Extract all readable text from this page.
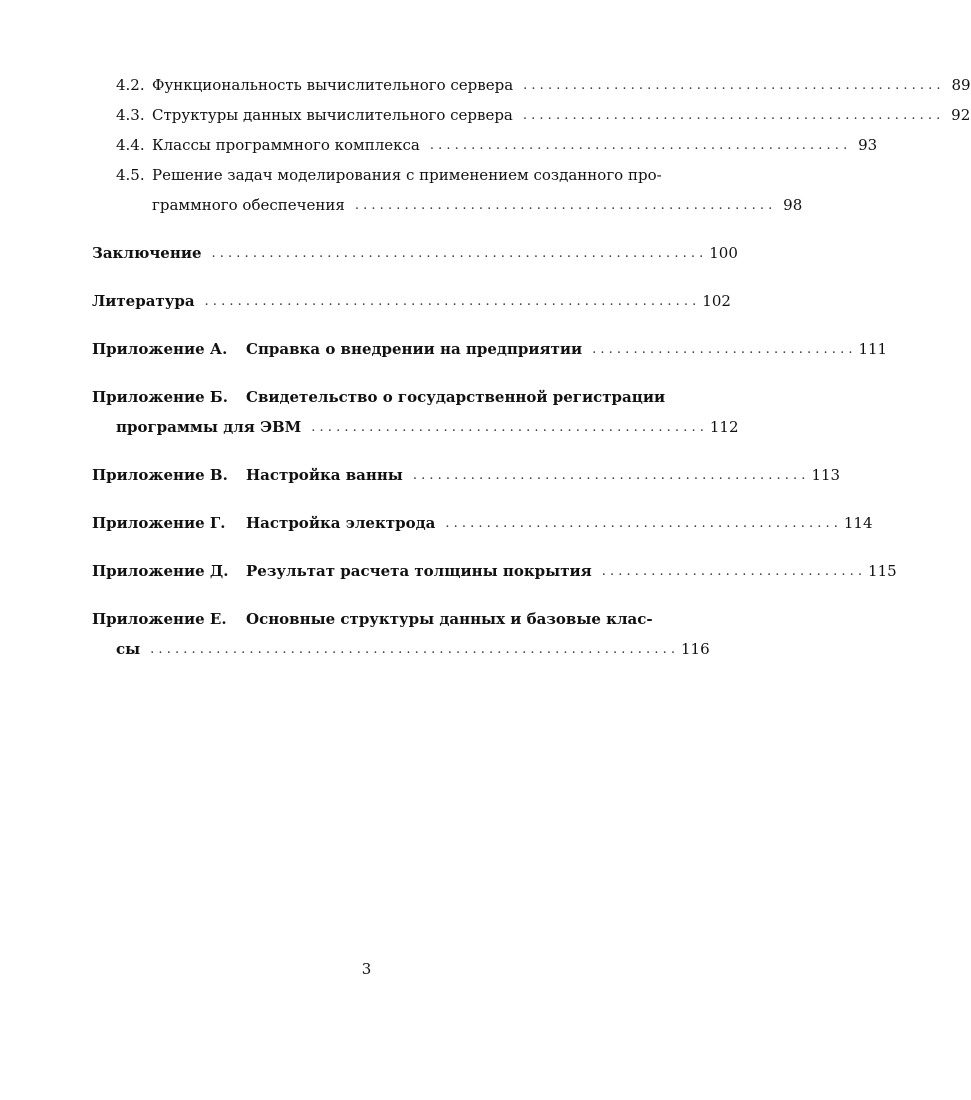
4.2. Функциональность вычислительного сервера . . . . . . . . . . . . . . . . . . . . . . . . . . . . . . . . . . . . . . . . . . . . . . . . . . . 89
4.3. Структуры данных вычислительного сервера . . . . . . . . . . . . . . . . . . . . . . . . . . . . . . . . . . . . . . . . . . . . . . . . . . . 92
4.4. Классы программного комплекса . . . . . . . . . . . . . . . . . . . . . . . . . . . . . . . . . . . . . . . . . . . . . . . . . . . 93
4.5. Решение задач моделирования с применением созданного про-
граммного обеспечения . . . . . . . . . . . . . . . . . . . . . . . . . . . . . . . . . . . . . . . . . . . . . . . . . . . 98
Заключение . . . . . . . . . . . . . . . . . . . . . . . . . . . . . . . . . . . . . . . . . . . . . . . . . . . . . . . . . . . . 100
Литература . . . . . . . . . . . . . . . . . . . . . . . . . . . . . . . . . . . . . . . . . . . . . . . . . . . . . . . . . . . . 102
Приложение А.	Справка о внедрении на предприятии . . . . . . . . . . . . . . . . . . . . . . . . . . . . . . . . 111
Приложение Б.	Свидетельство о государственной регистрации
программы для ЭВМ . . . . . . . . . . . . . . . . . . . . . . . . . . . . . . . . . . . . . . . . . . . . . . . . 112
Приложение В.	Настройка ванны . . . . . . . . . . . . . . . . . . . . . . . . . . . . . . . . . . . . . . . . . . . . . . . . 113
Приложение Г.	Настройка электрода . . . . . . . . . . . . . . . . . . . . . . . . . . . . . . . . . . . . . . . . . . . . . . . . 114
Приложение Д.	Результат расчета толщины покрытия . . . . . . . . . . . . . . . . . . . . . . . . . . . . . . . . 115
Приложение Е.	Основные структуры данных и базовые клас-
сы . . . . . . . . . . . . . . . . . . . . . . . . . . . . . . . . . . . . . . . . . . . . . . . . . . . . . . . . . . . . . . . . 116
3
